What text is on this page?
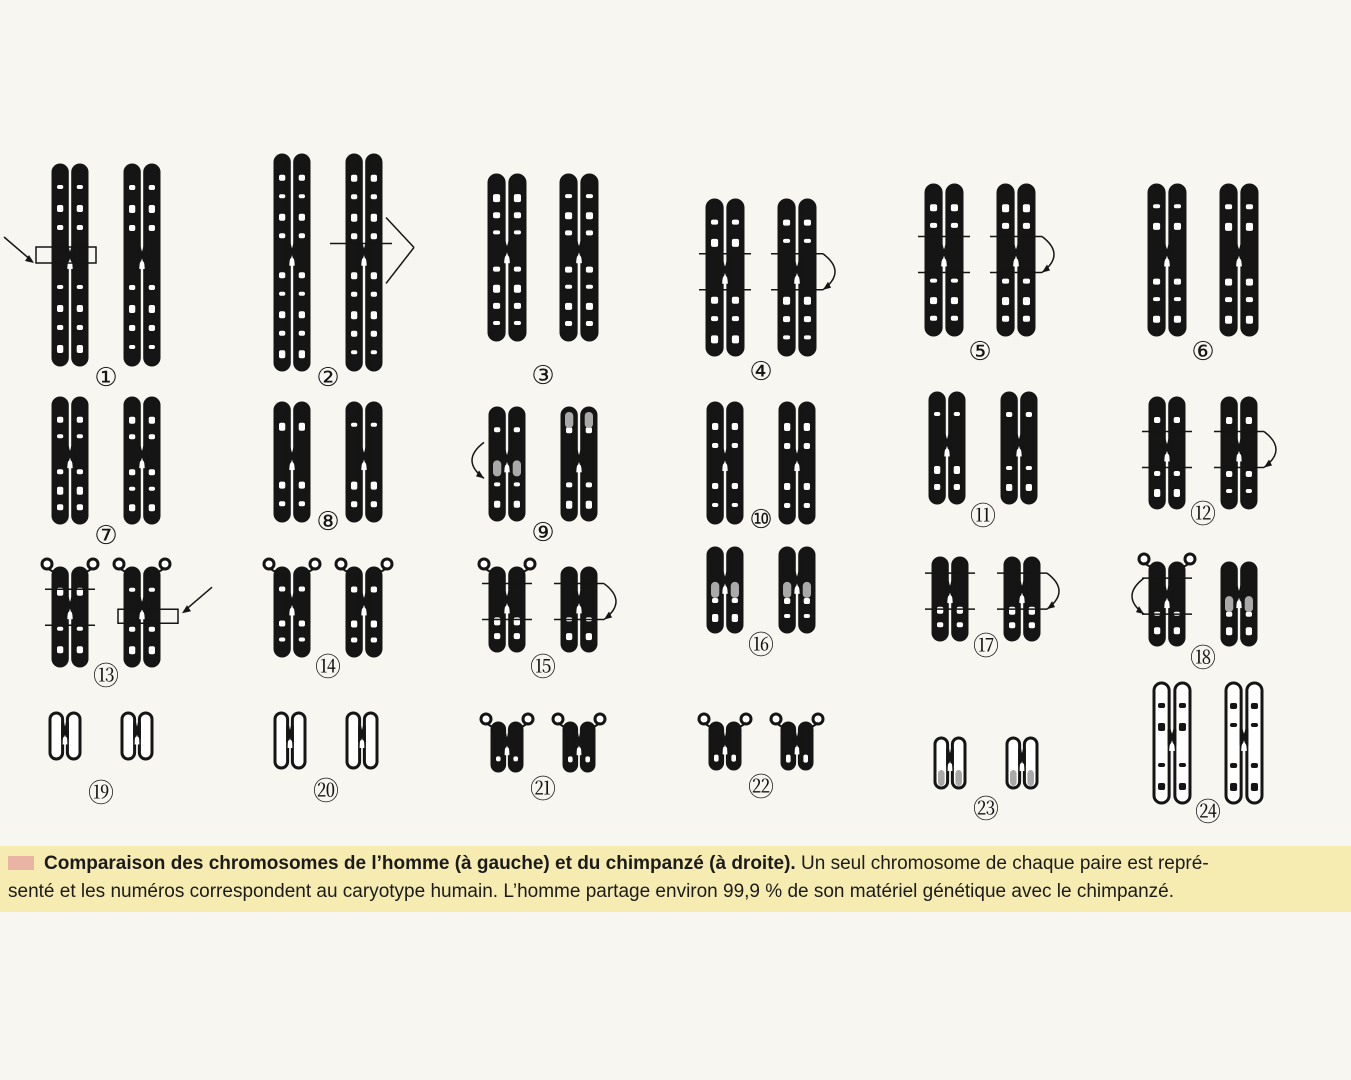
①	②	③	④
⑤	⑥
⑦	⑧	⑨	⑩	⑪	⑫
⑬	⑭	⑮
⑯	⑰	⑱
⑲	⑳	㉑	㉒
㉓	㉔

Comparaison des chromosomes de l’homme (à gauche) et du chimpanzé (à droite). Un seul chromosome de chaque paire est repré-

senté et les numéros correspondent au caryotype humain. L’homme partage environ 99,9 % de son matériel génétique avec le chimpanzé.
